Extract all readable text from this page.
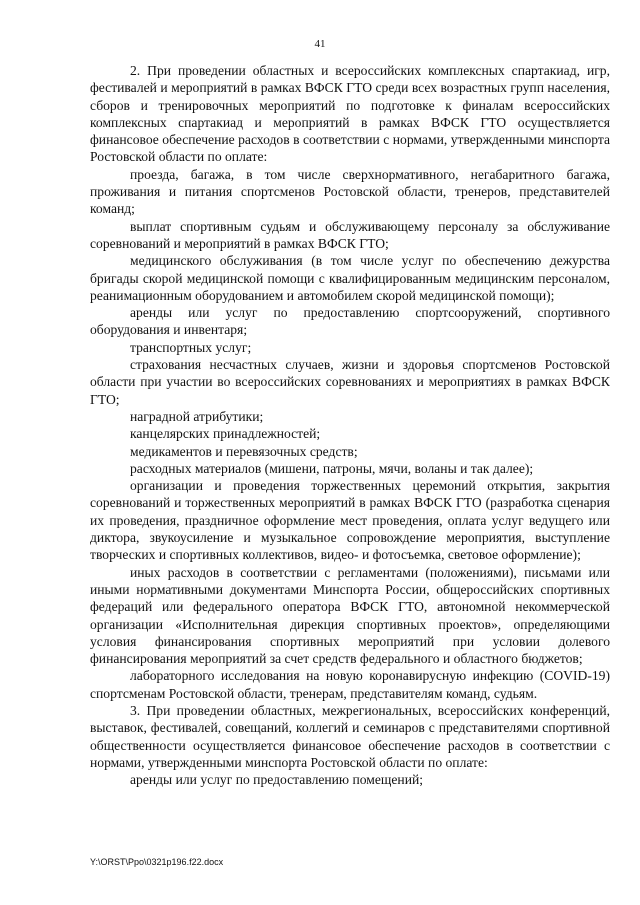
41

2. При проведении областных и всероссийских комплексных спартакиад, игр, фестивалей и мероприятий в рамках ВФСК ГТО среди всех возрастных групп населения, сборов и тренировочных мероприятий по подготовке к финалам всероссийских комплексных спартакиад и мероприятий в рамках ВФСК ГТО осуществляется финансовое обеспечение расходов в соответствии с нормами, утвержденными минспорта Ростовской области по оплате:

проезда, багажа, в том числе сверхнормативного, негабаритного багажа, проживания и питания спортсменов Ростовской области, тренеров, представителей команд;

выплат спортивным судьям и обслуживающему персоналу за обслуживание соревнований и мероприятий в рамках ВФСК ГТО;

медицинского обслуживания (в том числе услуг по обеспечению дежурства бригады скорой медицинской помощи с квалифицированным медицинским персоналом, реанимационным оборудованием и автомобилем скорой медицинской помощи);

аренды или услуг по предоставлению спортсооружений, спортивного оборудования и инвентаря;

транспортных услуг;

страхования несчастных случаев, жизни и здоровья спортсменов Ростовской области при участии во всероссийских соревнованиях и мероприятиях в рамках ВФСК ГТО;

наградной атрибутики;

канцелярских принадлежностей;

медикаментов и перевязочных средств;

расходных материалов (мишени, патроны, мячи, воланы и так далее);

организации и проведения торжественных церемоний открытия, закрытия соревнований и торжественных мероприятий в рамках ВФСК ГТО (разработка сценария их проведения, праздничное оформление мест проведения, оплата услуг ведущего или диктора, звукоусиление и музыкальное сопровождение мероприятия, выступление творческих и спортивных коллективов, видео- и фотосъемка, световое оформление);

иных расходов в соответствии с регламентами (положениями), письмами или иными нормативными документами Минспорта России, общероссийских спортивных федераций или федерального оператора ВФСК ГТО, автономной некоммерческой организации «Исполнительная дирекция спортивных проектов», определяющими условия финансирования спортивных мероприятий при условии долевого финансирования мероприятий за счет средств федерального и областного бюджетов;

лабораторного исследования на новую коронавирусную инфекцию (COVID-19) спортсменам Ростовской области, тренерам, представителям команд, судьям.

3. При проведении областных, межрегиональных, всероссийских конференций, выставок, фестивалей, совещаний, коллегий и семинаров с представителями спортивной общественности осуществляется финансовое обеспечение расходов в соответствии с нормами, утвержденными минспорта Ростовской области по оплате:

аренды или услуг по предоставлению помещений;

Y:\ORST\Ppo\0321p196.f22.docx
